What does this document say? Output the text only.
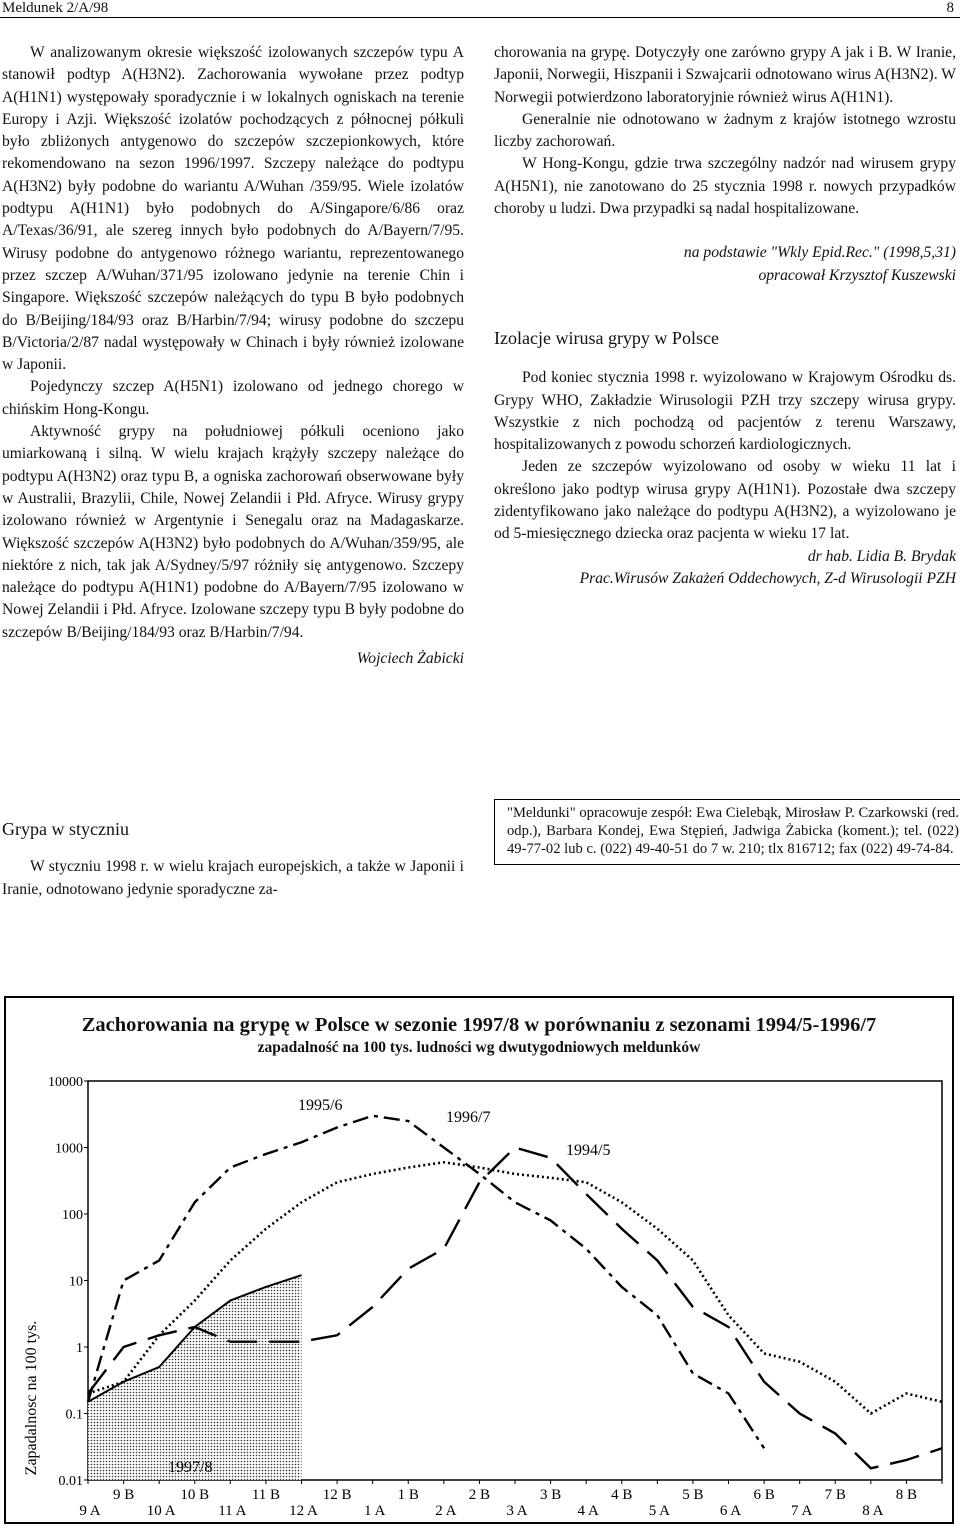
Meldunek 2/A/98	8

W analizowanym okresie większość izolowanych szczepów typu A stanowił podtyp A(H3N2). Zachorowania wywołane przez podtyp A(H1N1) występowały sporadycznie i w lokalnych ogniskach na terenie Europy i Azji. Większość izolatów pochodzących z północnej półkuli było zbliżonych antygenowo do szczepów szczepionkowych, które rekomendowano na sezon 1996/1997. Szczepy należące do podtypu A(H3N2) były podobne do wariantu A/Wuhan /359/95. Wiele izolatów podtypu A(H1N1) było podobnych do A/Singapore/6/86 oraz A/Texas/36/91, ale szereg innych było podobnych do A/Bayern/7/95. Wirusy podobne do antygenowo różnego wariantu, reprezentowanego przez szczep A/Wuhan/371/95 izolowano jedynie na terenie Chin i Singapore. Większość szczepów należących do typu B było podobnych do B/Beijing/184/93 oraz B/Harbin/7/94; wirusy podobne do szczepu B/Victoria/2/87 nadal występowały w Chinach i były również izolowane w Japonii.

Pojedynczy szczep A(H5N1) izolowano od jednego chorego w chińskim Hong-Kongu.

Aktywność grypy na południowej półkuli oceniono jako umiarkowaną i silną. W wielu krajach krążyły szczepy należące do podtypu A(H3N2) oraz typu B, a ogniska zachorowań obserwowane były w Australii, Brazylii, Chile, Nowej Zelandii i Płd. Afryce. Wirusy grypy izolowano również w Argentynie i Senegalu oraz na Madagaskarze. Większość szczepów A(H3N2) było podobnych do A/Wuhan/359/95, ale niektóre z nich, tak jak A/Sydney/5/97 różniły się antygenowo. Szczepy należące do podtypu A(H1N1) podobne do A/Bayern/7/95 izolowano w Nowej Zelandii i Płd. Afryce. Izolowane szczepy typu B były podobne do szczepów B/Beijing/184/93 oraz B/Harbin/7/94.

Wojciech Żabicki
Grypa w styczniu

W styczniu 1998 r. w wielu krajach europejskich, a także w Japonii i Iranie, odnotowano jedynie sporadyczne za-

chorowania na grypę. Dotyczyły one zarówno grypy A jak i B. W Iranie, Japonii, Norwegii, Hiszpanii i Szwajcarii odnotowano wirus A(H3N2). W Norwegii potwierdzono laboratoryjnie również wirus A(H1N1).

Generalnie nie odnotowano w żadnym z krajów istotnego wzrostu liczby zachorowań.

W Hong-Kongu, gdzie trwa szczególny nadzór nad wirusem grypy A(H5N1), nie zanotowano do 25 stycznia 1998 r. nowych przypadków choroby u ludzi. Dwa przypadki są nadal hospitalizowane.

na podstawie "Wkly Epid.Rec." (1998,5,31)
opracował Krzysztof Kuszewski
Izolacje wirusa grypy w Polsce

Pod koniec stycznia 1998 r. wyizolowano w Krajowym Ośrodku ds. Grypy WHO, Zakładzie Wirusologii PZH trzy szczepy wirusa grypy. Wszystkie z nich pochodzą od pacjentów z terenu Warszawy, hospitalizowanych z powodu schorzeń kardiologicznych.

Jeden ze szczepów wyizolowano od osoby w wieku 11 lat i określono jako podtyp wirusa grypy A(H1N1). Pozostałe dwa szczepy zidentyfikowano jako należące do podtypu A(H3N2), a wyizolowano je od 5-miesięcznego dziecka oraz pacjenta w wieku 17 lat.

dr hab. Lidia B. Brydak
Prac.Wirusów Zakażeń Oddechowych, Z-d Wirusologii PZH
"Meldunki" opracowuje zespół: Ewa Cielebąk, Mirosław P. Czarkowski (red. odp.), Barbara Kondej, Ewa Stępień, Jadwiga Żabicka (koment.); tel. (022) 49-77-02 lub c. (022) 49-40-51 do 7 w. 210; tlx 816712; fax (022) 49-74-84.
Zachorowania na grypę w Polsce w sezonie 1997/8 w porównaniu z sezonami 1994/5-1996/7
zapadalność na 100 tys. ludności wg dwutygodniowych meldunków
10000
1000
100
10
1
0.1
0.01
Zapadalnosc na 100 tys.
9 A	10 A	11 A	12 A	1 A	2 A	3 A	4 A	5 A	6 A	7 A	8 A
9 B	10 B	11 B	12 B	1 B	2 B	3 B	4 B	5 B	6 B	7 B	8 B
1997/8
1995/6
1996/7
1994/5
